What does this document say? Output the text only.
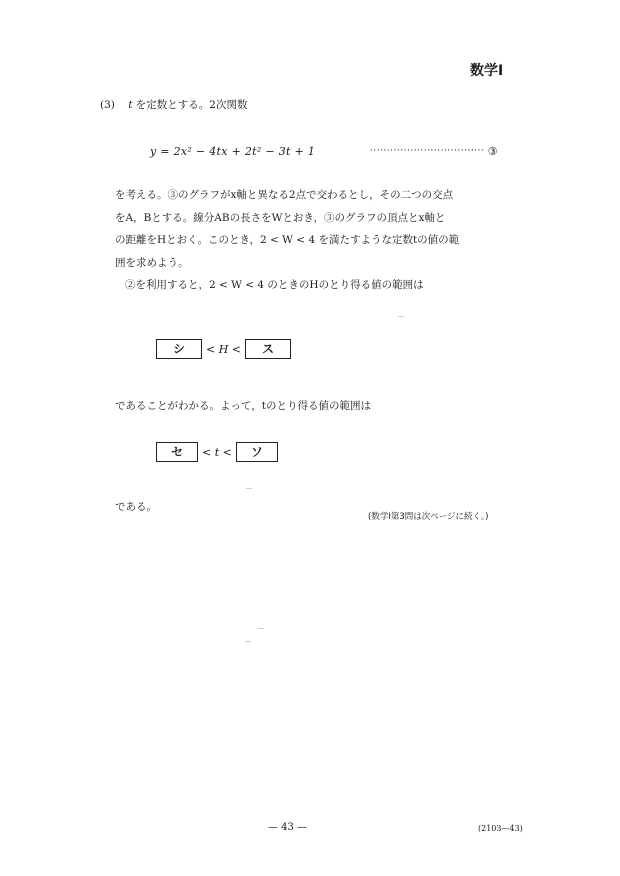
数学Ⅰ
(3) t を定数とする。2次関数
y = 2x² − 4tx + 2t² − 3t + 1	·································· ③
を考える。③のグラフがx軸と異なる2点で交わるとし，その二つの交点
をA，Bとする。線分ABの長さをWとおき，③のグラフの頂点とx軸と
の距離をHとおく。このとき，2 < W < 4 を満たすような定数tの値の範
囲を求めよう。
②を利用すると，2 < W < 4 のときのHのとり得る値の範囲は
シ	< H <	ス
であることがわかる。よって，tのとり得る値の範囲は
セ	< t <	ソ
である。
(数学Ⅰ第3問は次ページに続く。)
— 43 —	(2103—43)
